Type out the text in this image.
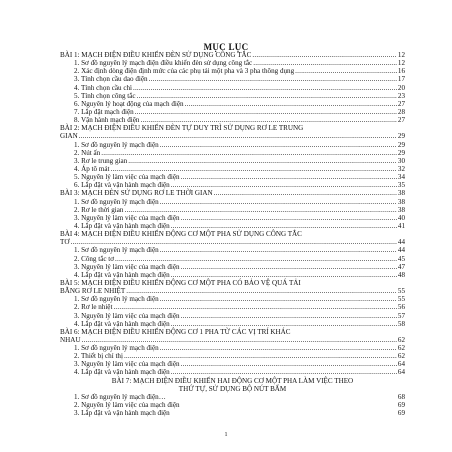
MỤC LỤC
BÀI 1: MẠCH ĐIỆN ĐIỀU KHIỂN ĐÈN SỬ DỤNG CÔNG TẮC .....	12
1. Sơ đồ nguyên lý mạch điện điều khiển đèn sử dụng công tắc .....	12
2. Xác định dòng điện định mức của các phụ tải một pha và 3 pha thông dụng .....	16
3. Tính chọn cầu dao điện .....	17
4. Tính chọn cầu chì .....	20
5. Tính chọn công tắc .....	23
6. Nguyên lý hoạt động của mạch điện .....	27
7. Lắp đặt mạch điện .....	28
8. Vận hành mạch điện .....	27
BÀI 2: MẠCH ĐIỆN ĐIỀU KHIỂN ĐÈN TỰ DUY TRÌ SỬ DỤNG RƠ LE TRUNG
GIAN .....	29
1. Sơ đồ nguyên lý mạch điện .....	29
2. Nút ấn .....	29
3. Rơ le trung gian .....	30
4. Áp tô mát .....	32
5. Nguyên lý làm việc của mạch điện .....	34
6. Lắp đặt và vận hành mạch điện .....	35
BÀI 3: MẠCH ĐÈN SỬ DỤNG RƠ LE THỜI GIAN .....	38
1. Sơ đồ nguyên lý mạch điện .....	38
2. Rơ le thời gian .....	38
3. Nguyên lý làm việc của mạch điện .....	40
4. Lắp đặt và vận hành mạch điện .....	41
BÀI 4: MẠCH ĐIỆN ĐIỀU KHIỂN ĐỘNG CƠ MỘT PHA SỬ DỤNG CÔNG TẮC
TƠ .....	44
1. Sơ đồ nguyên lý mạch điện .....	44
2. Công tắc tơ .....	45
3. Nguyên lý làm việc của mạch điện .....	47
4. Lắp đặt và vận hành mạch điện .....	48
BÀI 5: MẠCH ĐIỆN ĐIỀU KHIỂN ĐỘNG CƠ MỘT PHA CÓ BẢO VỆ QUÁ TẢI
BẰNG RƠ LE NHIỆT .....	55
1. Sơ đồ nguyên lý mạch điện .....	55
2. Rơ le nhiệt .....	56
3. Nguyên lý làm việc của mạch điện .....	57
4. Lắp đặt và vận hành mạch điện .....	58
BÀI 6: MẠCH ĐIỆN ĐIỀU KHIỂN ĐỘNG CƠ 1 PHA TỪ CÁC VỊ TRÍ KHÁC
NHAU .....	62
1. Sơ đồ nguyên lý mạch điện .....	62
2. Thiết bị chỉ thị .....	62
3. Nguyên lý làm việc của mạch điện .....	64
4. Lắp đặt và vận hành mạch điện .....	64
BÀI 7: MẠCH ĐIỆN ĐIỀU KHIỂN HAI ĐỘNG CƠ MỘT PHA LÀM VIỆC THEO
THỨ TỰ, SỬ DỤNG BỘ NÚT BẤM
1. Sơ đồ nguyên lý mạch điện…	68
2. Nguyên lý làm việc của mạch điện	69
3. Lắp đặt và vận hành mạch điện	69
1
